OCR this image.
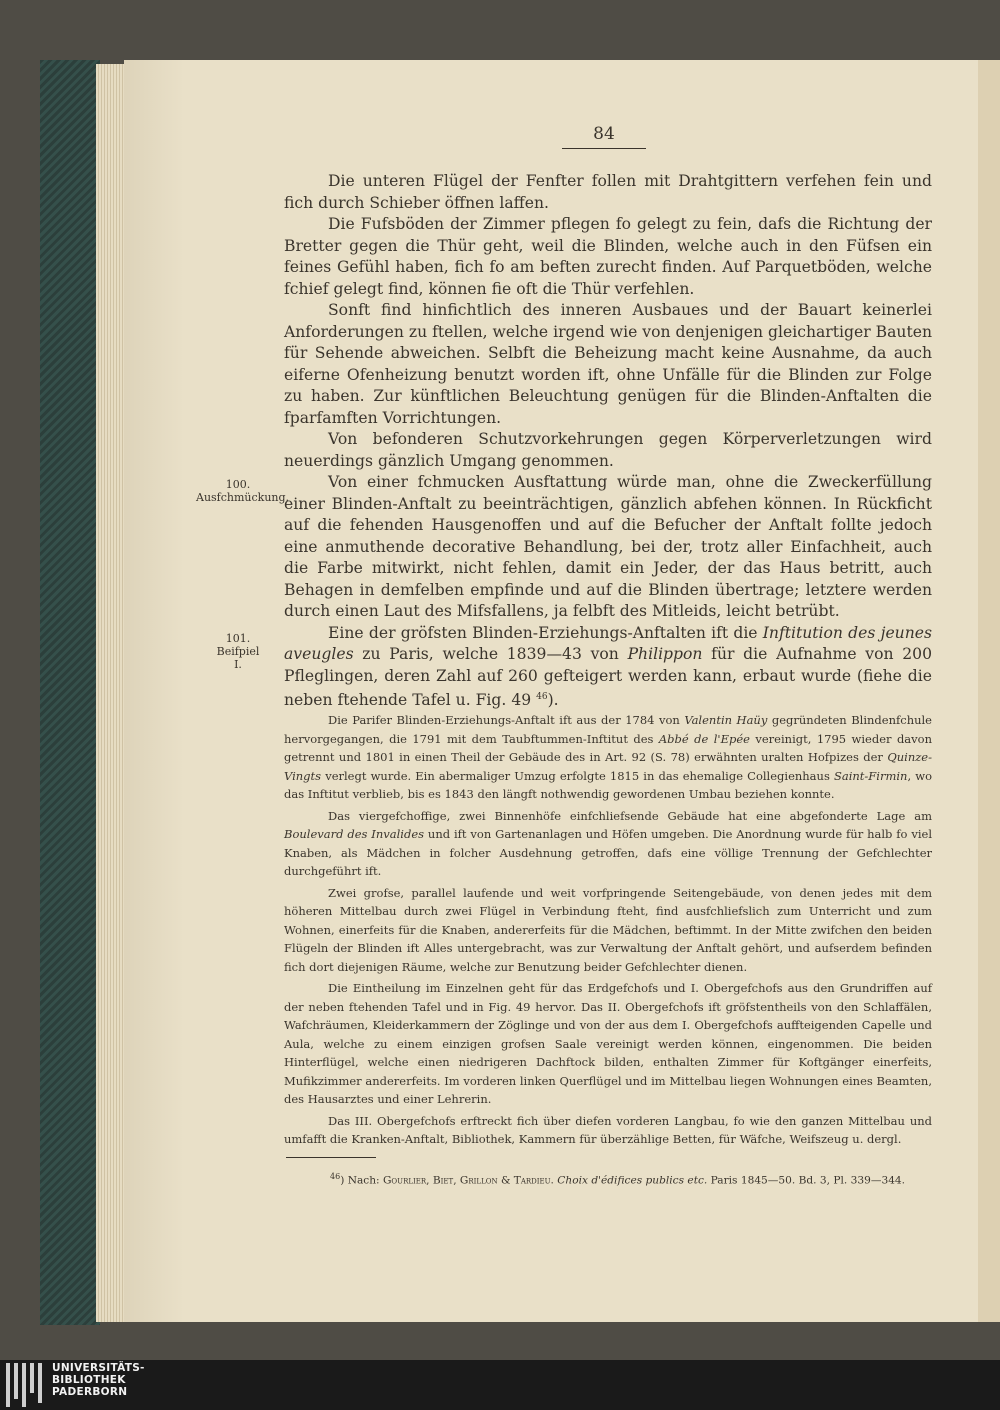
84
100.
Ausfchmückung.
101.
Beifpiel
I.

Die unteren Flügel der Fenfter follen mit Drahtgittern verfehen fein und fich durch Schieber öffnen laffen.

Die Fufsböden der Zimmer pflegen fo gelegt zu fein, dafs die Richtung der Bretter gegen die Thür geht, weil die Blinden, welche auch in den Füfsen ein feines Gefühl haben, fich fo am beften zurecht finden. Auf Parquetböden, welche fchief gelegt find, können fie oft die Thür verfehlen.

Sonft find hinfichtlich des inneren Ausbaues und der Bauart keinerlei Anforderungen zu ftellen, welche irgend wie von denjenigen gleichartiger Bauten für Sehende abweichen. Selbft die Beheizung macht keine Ausnahme, da auch eiferne Ofenheizung benutzt worden ift, ohne Unfälle für die Blinden zur Folge zu haben. Zur künftlichen Beleuchtung genügen für die Blinden-Anftalten die fparfamften Vorrichtungen.

Von befonderen Schutzvorkehrungen gegen Körperverletzungen wird neuerdings gänzlich Umgang genommen.

Von einer fchmucken Ausftattung würde man, ohne die Zweckerfüllung einer Blinden-Anftalt zu beeinträchtigen, gänzlich abfehen können. In Rückficht auf die fehenden Hausgenoffen und auf die Befucher der Anftalt follte jedoch eine anmuthende decorative Behandlung, bei der, trotz aller Einfachheit, auch die Farbe mitwirkt, nicht fehlen, damit ein Jeder, der das Haus betritt, auch Behagen in demfelben empfinde und auf die Blinden übertrage; letztere werden durch einen Laut des Mifsfallens, ja felbft des Mitleids, leicht betrübt.

Eine der gröfsten Blinden-Erziehungs-Anftalten ift die Inftitution des jeunes aveugles zu Paris, welche 1839—43 von Philippon für die Aufnahme von 200 Pfleglingen, deren Zahl auf 260 gefteigert werden kann, erbaut wurde (fiehe die neben ftehende Tafel u. Fig. 49 $^{46}$).

Die Parifer Blinden-Erziehungs-Anftalt ift aus der 1784 von Valentin Haüy gegründeten Blindenfchule hervorgegangen, die 1791 mit dem Taubftummen-Inftitut des Abbé de l'Epée vereinigt, 1795 wieder davon getrennt und 1801 in einen Theil der Gebäude des in Art. 92 (S. 78) erwähnten uralten Hofpizes der Quinze-Vingts verlegt wurde. Ein abermaliger Umzug erfolgte 1815 in das ehemalige Collegienhaus Saint-Firmin, wo das Inftitut verblieb, bis es 1843 den längft nothwendig gewordenen Umbau beziehen konnte.

Das viergefchoffige, zwei Binnenhöfe einfchliefsende Gebäude hat eine abgefonderte Lage am Boulevard des Invalides und ift von Gartenanlagen und Höfen umgeben. Die Anordnung wurde für halb fo viel Knaben, als Mädchen in folcher Ausdehnung getroffen, dafs eine völlige Trennung der Gefchlechter durchgeführt ift.

Zwei grofse, parallel laufende und weit vorfpringende Seitengebäude, von denen jedes mit dem höheren Mittelbau durch zwei Flügel in Verbindung fteht, find ausfchliefslich zum Unterricht und zum Wohnen, einerfeits für die Knaben, andererfeits für die Mädchen, beftimmt. In der Mitte zwifchen den beiden Flügeln der Blinden ift Alles untergebracht, was zur Verwaltung der Anftalt gehört, und aufserdem befinden fich dort diejenigen Räume, welche zur Benutzung beider Gefchlechter dienen.

Die Eintheilung im Einzelnen geht für das Erdgefchofs und I. Obergefchofs aus den Grundriffen auf der neben ftehenden Tafel und in Fig. 49 hervor. Das II. Obergefchofs ift gröfstentheils von den Schlaffälen, Wafchräumen, Kleiderkammern der Zöglinge und von der aus dem I. Obergefchofs auffteigenden Capelle und Aula, welche zu einem einzigen grofsen Saale vereinigt werden können, eingenommen. Die beiden Hinterflügel, welche einen niedrigeren Dachftock bilden, enthalten Zimmer für Koftgänger einerfeits, Mufikzimmer andererfeits. Im vorderen linken Querflügel und im Mittelbau liegen Wohnungen eines Beamten, des Hausarztes und einer Lehrerin.

Das III. Obergefchofs erftreckt fich über diefen vorderen Langbau, fo wie den ganzen Mittelbau und umfafft die Kranken-Anftalt, Bibliothek, Kammern für überzählige Betten, für Wäfche, Weifszeug u. dergl.

$^{46}$) Nach: Gourlier, Biet, Grillon & Tardieu. Choix d'édifices publics etc. Paris 1845—50. Bd. 3, Pl. 339—344.
UNIVERSITÄTS-
BIBLIOTHEK
PADERBORN
